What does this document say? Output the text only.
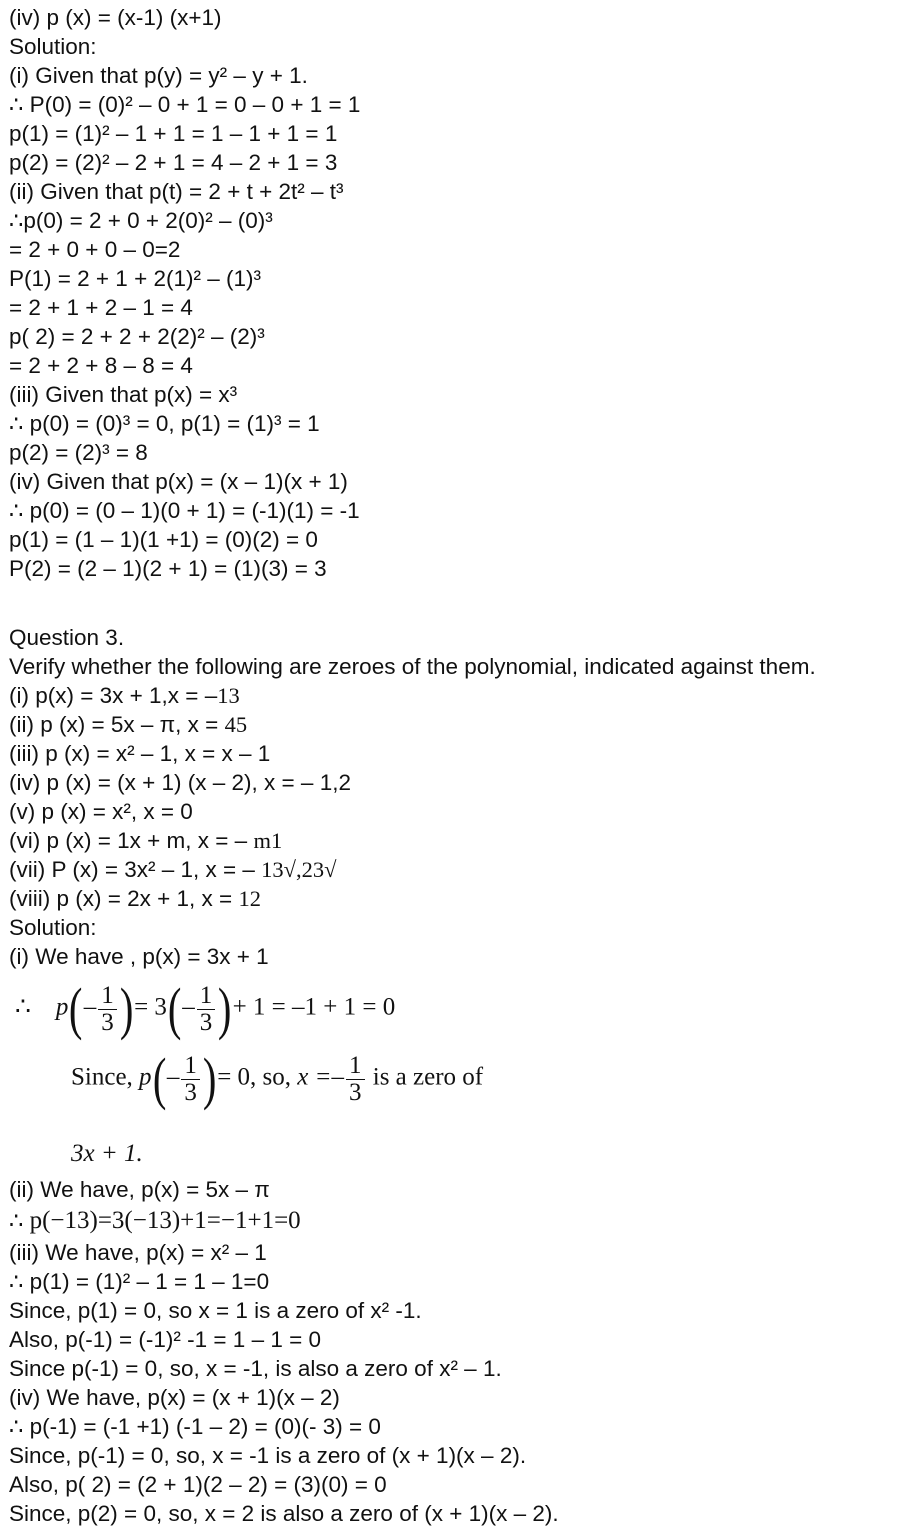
(iv) p (x) = (x-1) (x+1)
Solution:
(i) Given that p(y) = y² – y + 1.
∴ P(0) = (0)² – 0 + 1 = 0 – 0 + 1 = 1
p(1) = (1)² – 1 + 1 = 1 – 1 + 1 = 1
p(2) = (2)² – 2 + 1 = 4 – 2 + 1 = 3
(ii) Given that p(t) = 2 + t + 2t² – t³
∴p(0) = 2 + 0 + 2(0)² – (0)³
= 2 + 0 + 0 – 0=2
P(1) = 2 + 1 + 2(1)² – (1)³
= 2 + 1 + 2 – 1 = 4
p( 2) = 2 + 2 + 2(2)² – (2)³
= 2 + 2 + 8 – 8 = 4
(iii) Given that p(x) = x³
∴ p(0) = (0)³ = 0, p(1) = (1)³ = 1
p(2) = (2)³ = 8
(iv) Given that p(x) = (x – 1)(x + 1)
∴ p(0) = (0 – 1)(0 + 1) = (-1)(1) = -1
p(1) = (1 – 1)(1 +1) = (0)(2) = 0
P(2) = (2 – 1)(2 + 1) = (1)(3) = 3
Question 3.
Verify whether the following are zeroes of the polynomial, indicated against them.
(i) p(x) = 3x + 1,x = –13
(ii) p (x) = 5x – π, x = 45
(iii) p (x) = x² – 1, x = x – 1
(iv) p (x) = (x + 1) (x – 2), x = – 1,2
(v) p (x) = x², x = 0
(vi) p (x) = 1x + m, x = – m1
(vii) P (x) = 3x² – 1, x = – 13√,23√
(viii) p (x) = 2x + 1, x = 12
Solution:
(i) We have , p(x) = 3x + 1
∴ $p(- \frac{1}{3}$ )= $3(- \frac{1}{3}$ )+ 1 = –1 + 1 = 0
Since, $p(- \frac{1}{3}$ )= 0, so, $x =- \frac{1}{3}$ is a zero of
3x + 1.
(ii) We have, p(x) = 5x – π
∴ p(−13)=3(−13)+1=−1+1=0
(iii) We have, p(x) = x² – 1
∴ p(1) = (1)² – 1 = 1 – 1=0
Since, p(1) = 0, so x = 1 is a zero of x² -1.
Also, p(-1) = (-1)² -1 = 1 – 1 = 0
Since p(-1) = 0, so, x = -1, is also a zero of x² – 1.
(iv) We have, p(x) = (x + 1)(x – 2)
∴ p(-1) = (-1 +1) (-1 – 2) = (0)(- 3) = 0
Since, p(-1) = 0, so, x = -1 is a zero of (x + 1)(x – 2).
Also, p( 2) = (2 + 1)(2 – 2) = (3)(0) = 0
Since, p(2) = 0, so, x = 2 is also a zero of (x + 1)(x – 2).
